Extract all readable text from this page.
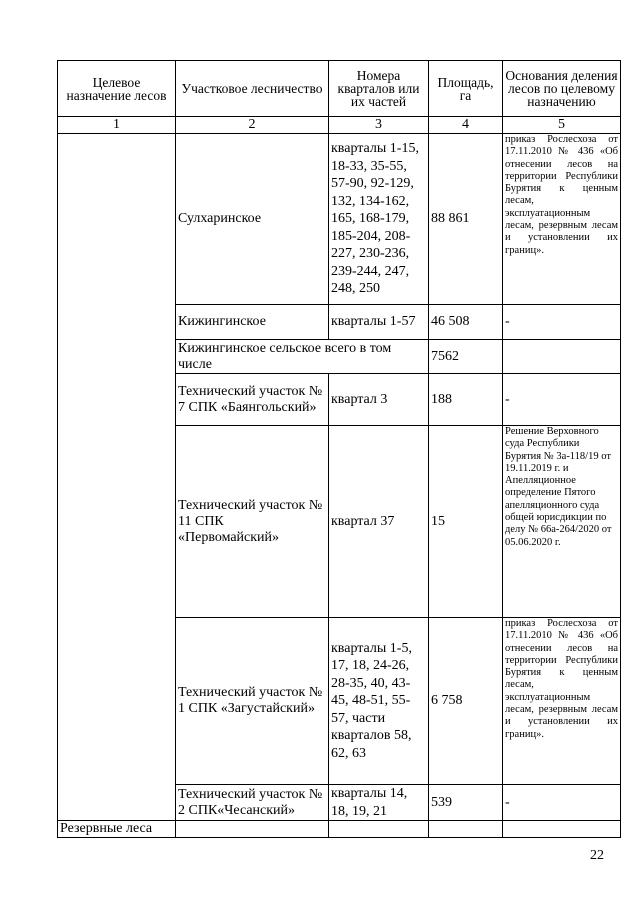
Целевое назначение лесов	Участковое лесничество	Номера кварталов или их частей	Площадь, га	Основания деления лесов по целевому назначению
1	2	3	4	5
	Сулхаринское	кварталы 1-15, 18-33, 35-55, 57-90, 92-129, 132, 134-162, 165, 168-179, 185-204, 208-227, 230-236, 239-244, 247, 248, 250	88 861	приказ Рослесхоза от 17.11.2010 № 436 «Об отнесении лесов на территории Республики Бурятия к ценным лесам, эксплуатационным лесам, резервным лесам и установлении их границ».
	Кижингинское	кварталы 1-57	46 508	-
	Кижингинское сельское всего в том числе		7562	
	Технический участок № 7 СПК «Баянгольский»	квартал 3	188	-
	Технический участок № 11 СПК «Первомайский»	квартал 37	15	Решение Верховного суда Республики Бурятия № 3а-118/19 от 19.11.2019 г. и Апелляционное определение Пятого апелляционного суда общей юрисдикции по делу № 66а-264/2020 от 05.06.2020 г.
	Технический участок № 1 СПК «Загустайский»	кварталы 1-5, 17, 18, 24-26, 28-35, 40, 43-45, 48-51, 55-57, части кварталов 58, 62, 63	6 758	приказ Рослесхоза от 17.11.2010 № 436 «Об отнесении лесов на территории Республики Бурятия к ценным лесам, эксплуатационным лесам, резервным лесам и установлении их границ».
	Технический участок № 2 СПК«Чесанский»	кварталы 14, 18, 19, 21	539	-
Резервные леса				
22
